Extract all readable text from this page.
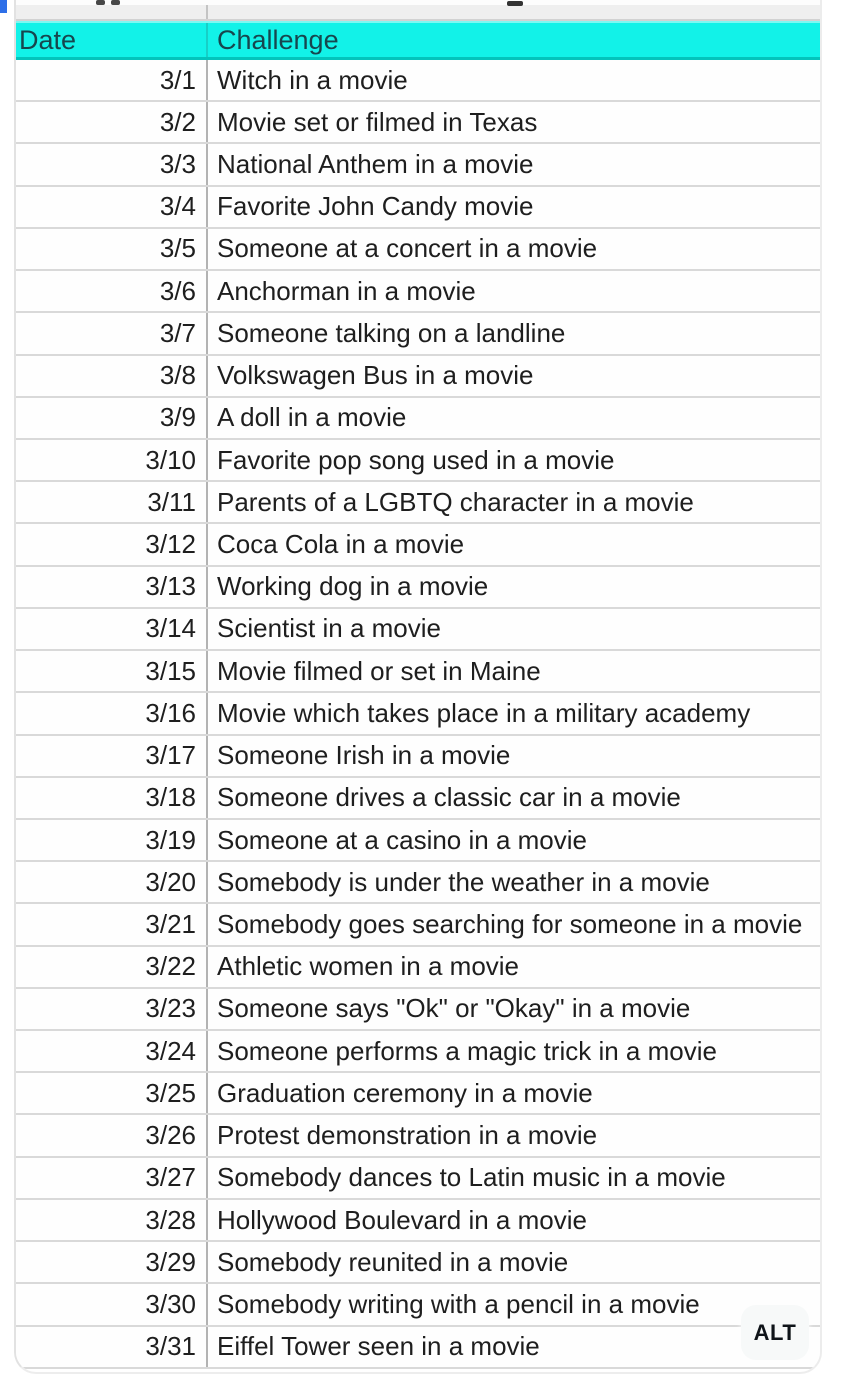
Date	Challenge
3/1 Witch in a movie
3/2 Movie set or filmed in Texas
3/3 National Anthem in a movie
3/4 Favorite John Candy movie
3/5 Someone at a concert in a movie
3/6 Anchorman in a movie
3/7 Someone talking on a landline
3/8 Volkswagen Bus in a movie
3/9 A doll in a movie
3/10 Favorite pop song used in a movie
3/11 Parents of a LGBTQ character in a movie
3/12 Coca Cola in a movie
3/13 Working dog in a movie
3/14 Scientist in a movie
3/15 Movie filmed or set in Maine
3/16 Movie which takes place in a military academy
3/17 Someone Irish in a movie
3/18 Someone drives a classic car in a movie
3/19 Someone at a casino in a movie
3/20 Somebody is under the weather in a movie
3/21 Somebody goes searching for someone in a movie
3/22 Athletic women in a movie
3/23 Someone says "Ok" or "Okay" in a movie
3/24 Someone performs a magic trick in a movie
3/25 Graduation ceremony in a movie
3/26 Protest demonstration in a movie
3/27 Somebody dances to Latin music in a movie
3/28 Hollywood Boulevard in a movie
3/29 Somebody reunited in a movie
3/30 Somebody writing with a pencil in a movie
3/31 Eiffel Tower seen in a movie	ALT
